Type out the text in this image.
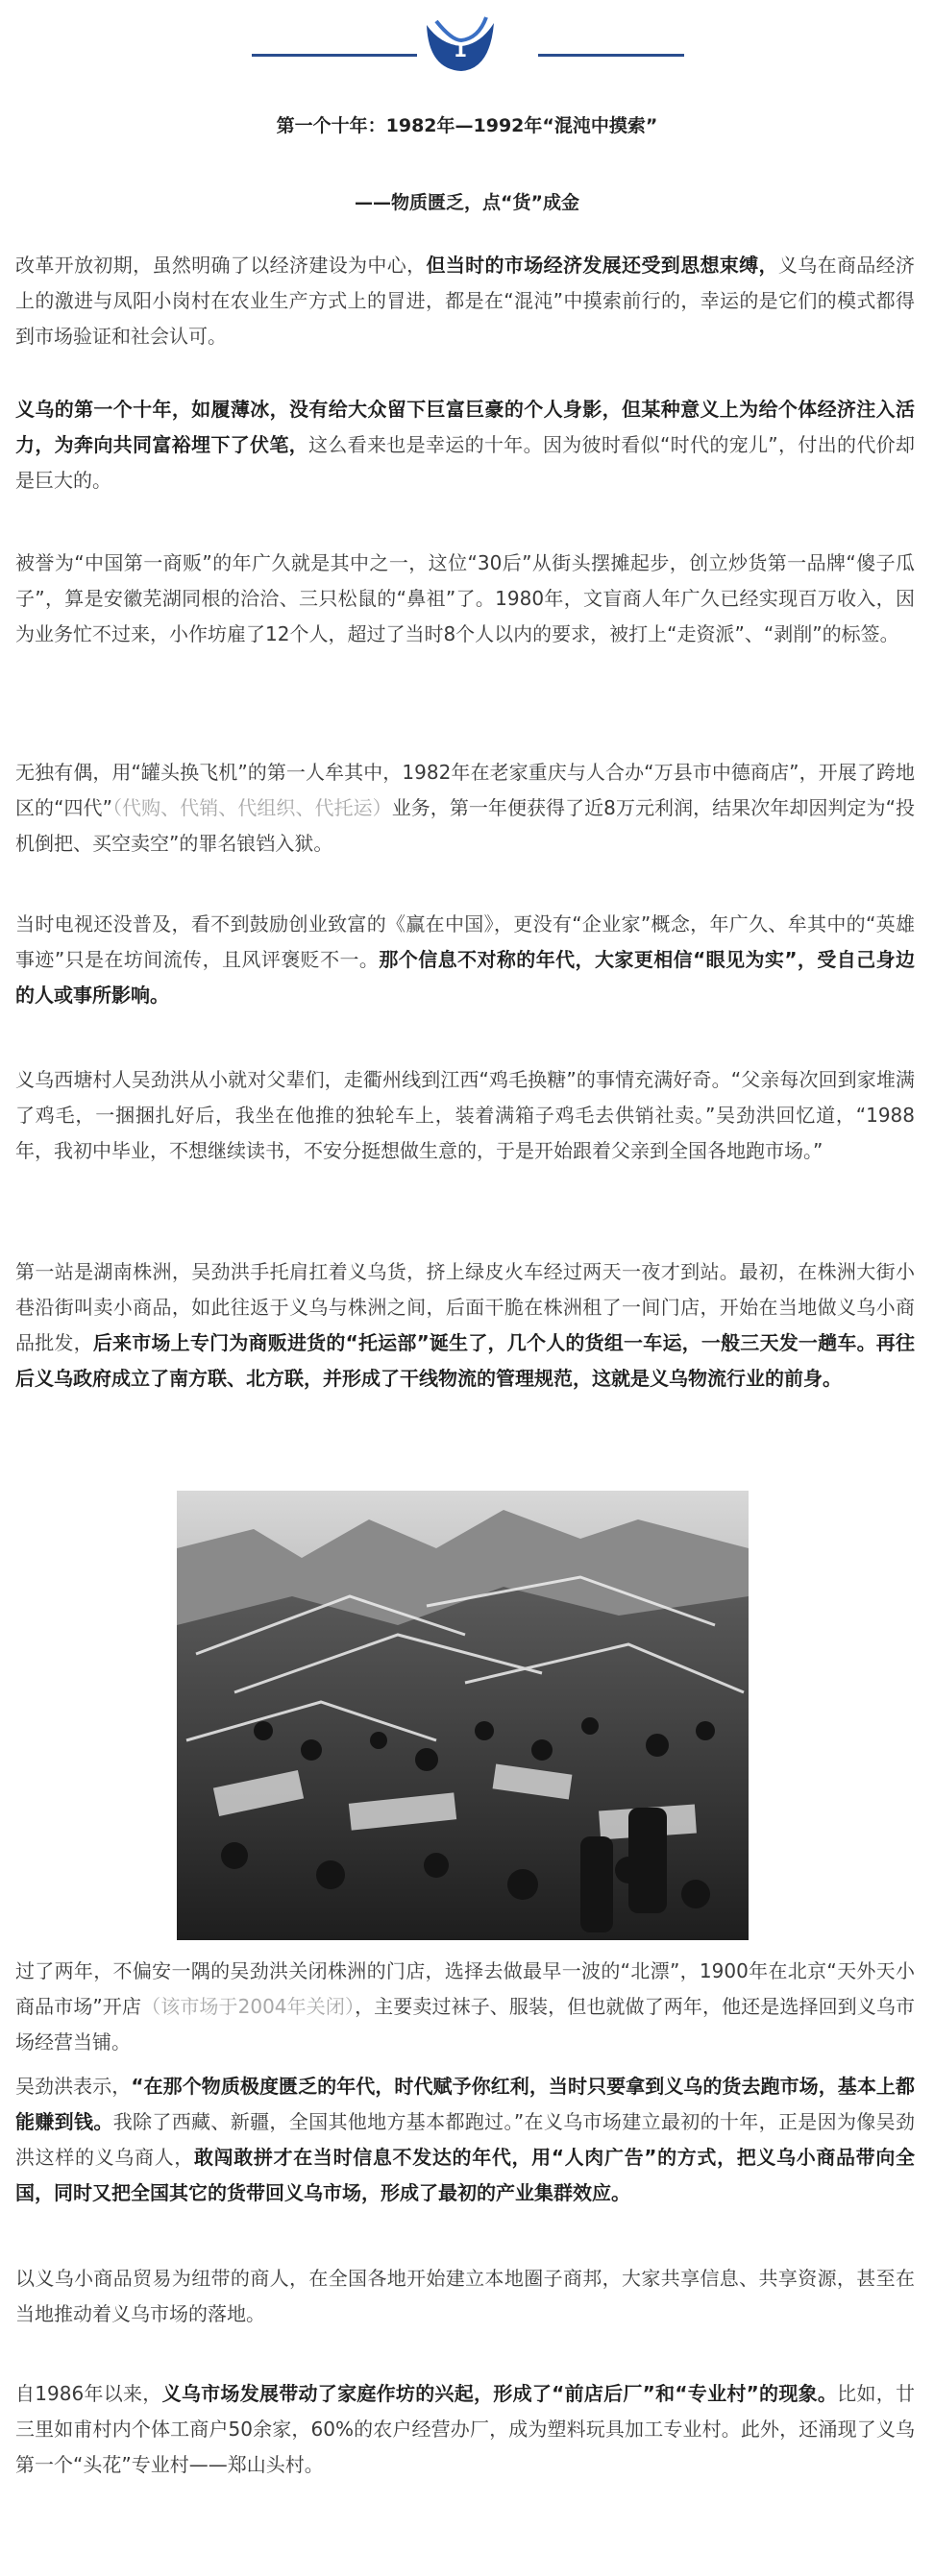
1
第一个十年：1982年—1992年“混沌中摸索”
——物质匮乏，点“货”成金

改革开放初期，虽然明确了以经济建设为中心，但当时的市场经济发展还受到思想束缚，义乌在商品经济上的激进与凤阳小岗村在农业生产方式上的冒进，都是在“混沌”中摸索前行的，幸运的是它们的模式都得到市场验证和社会认可。

义乌的第一个十年，如履薄冰，没有给大众留下巨富巨豪的个人身影，但某种意义上为给个体经济注入活力，为奔向共同富裕埋下了伏笔，这么看来也是幸运的十年。因为彼时看似“时代的宠儿”，付出的代价却是巨大的。

被誉为“中国第一商贩”的年广久就是其中之一，这位“30后”从街头摆摊起步，创立炒货第一品牌“傻子瓜子”，算是安徽芜湖同根的洽洽、三只松鼠的“鼻祖”了。1980年，文盲商人年广久已经实现百万收入，因为业务忙不过来，小作坊雇了12个人，超过了当时8个人以内的要求，被打上“走资派”、“剥削”的标签。

无独有偶，用“罐头换飞机”的第一人牟其中，1982年在老家重庆与人合办“万县市中德商店”，开展了跨地区的“四代”（代购、代销、代组织、代托运）业务，第一年便获得了近8万元利润，结果次年却因判定为“投机倒把、买空卖空”的罪名锒铛入狱。

当时电视还没普及，看不到鼓励创业致富的《赢在中国》，更没有“企业家”概念，年广久、牟其中的“英雄事迹”只是在坊间流传，且风评褒贬不一。那个信息不对称的年代，大家更相信“眼见为实”，受自己身边的人或事所影响。

义乌西塘村人吴劲洪从小就对父辈们，走衢州线到江西“鸡毛换糖”的事情充满好奇。“父亲每次回到家堆满了鸡毛，一捆捆扎好后，我坐在他推的独轮车上，装着满箱子鸡毛去供销社卖。”吴劲洪回忆道，“1988年，我初中毕业，不想继续读书，不安分挺想做生意的，于是开始跟着父亲到全国各地跑市场。”

第一站是湖南株洲，吴劲洪手托肩扛着义乌货，挤上绿皮火车经过两天一夜才到站。最初，在株洲大街小巷沿街叫卖小商品，如此往返于义乌与株洲之间，后面干脆在株洲租了一间门店，开始在当地做义乌小商品批发，后来市场上专门为商贩进货的“托运部”诞生了，几个人的货组一车运，一般三天发一趟车。再往后义乌政府成立了南方联、北方联，并形成了干线物流的管理规范，这就是义乌物流行业的前身。

过了两年，不偏安一隅的吴劲洪关闭株洲的门店，选择去做最早一波的“北漂”，1900年在北京“天外天小商品市场”开店（该市场于2004年关闭），主要卖过袜子、服装，但也就做了两年，他还是选择回到义乌市场经营当铺。

吴劲洪表示，“在那个物质极度匮乏的年代，时代赋予你红利，当时只要拿到义乌的货去跑市场，基本上都能赚到钱。我除了西藏、新疆，全国其他地方基本都跑过。”在义乌市场建立最初的十年，正是因为像吴劲洪这样的义乌商人，敢闯敢拼才在当时信息不发达的年代，用“人肉广告”的方式，把义乌小商品带向全国，同时又把全国其它的货带回义乌市场，形成了最初的产业集群效应。

以义乌小商品贸易为纽带的商人，在全国各地开始建立本地圈子商邦，大家共享信息、共享资源，甚至在当地推动着义乌市场的落地。

自1986年以来，义乌市场发展带动了家庭作坊的兴起，形成了“前店后厂”和“专业村”的现象。比如，廿三里如甫村内个体工商户50余家，60%的农户经营办厂，成为塑料玩具加工专业村。此外，还涌现了义乌第一个“头花”专业村——郑山头村。
